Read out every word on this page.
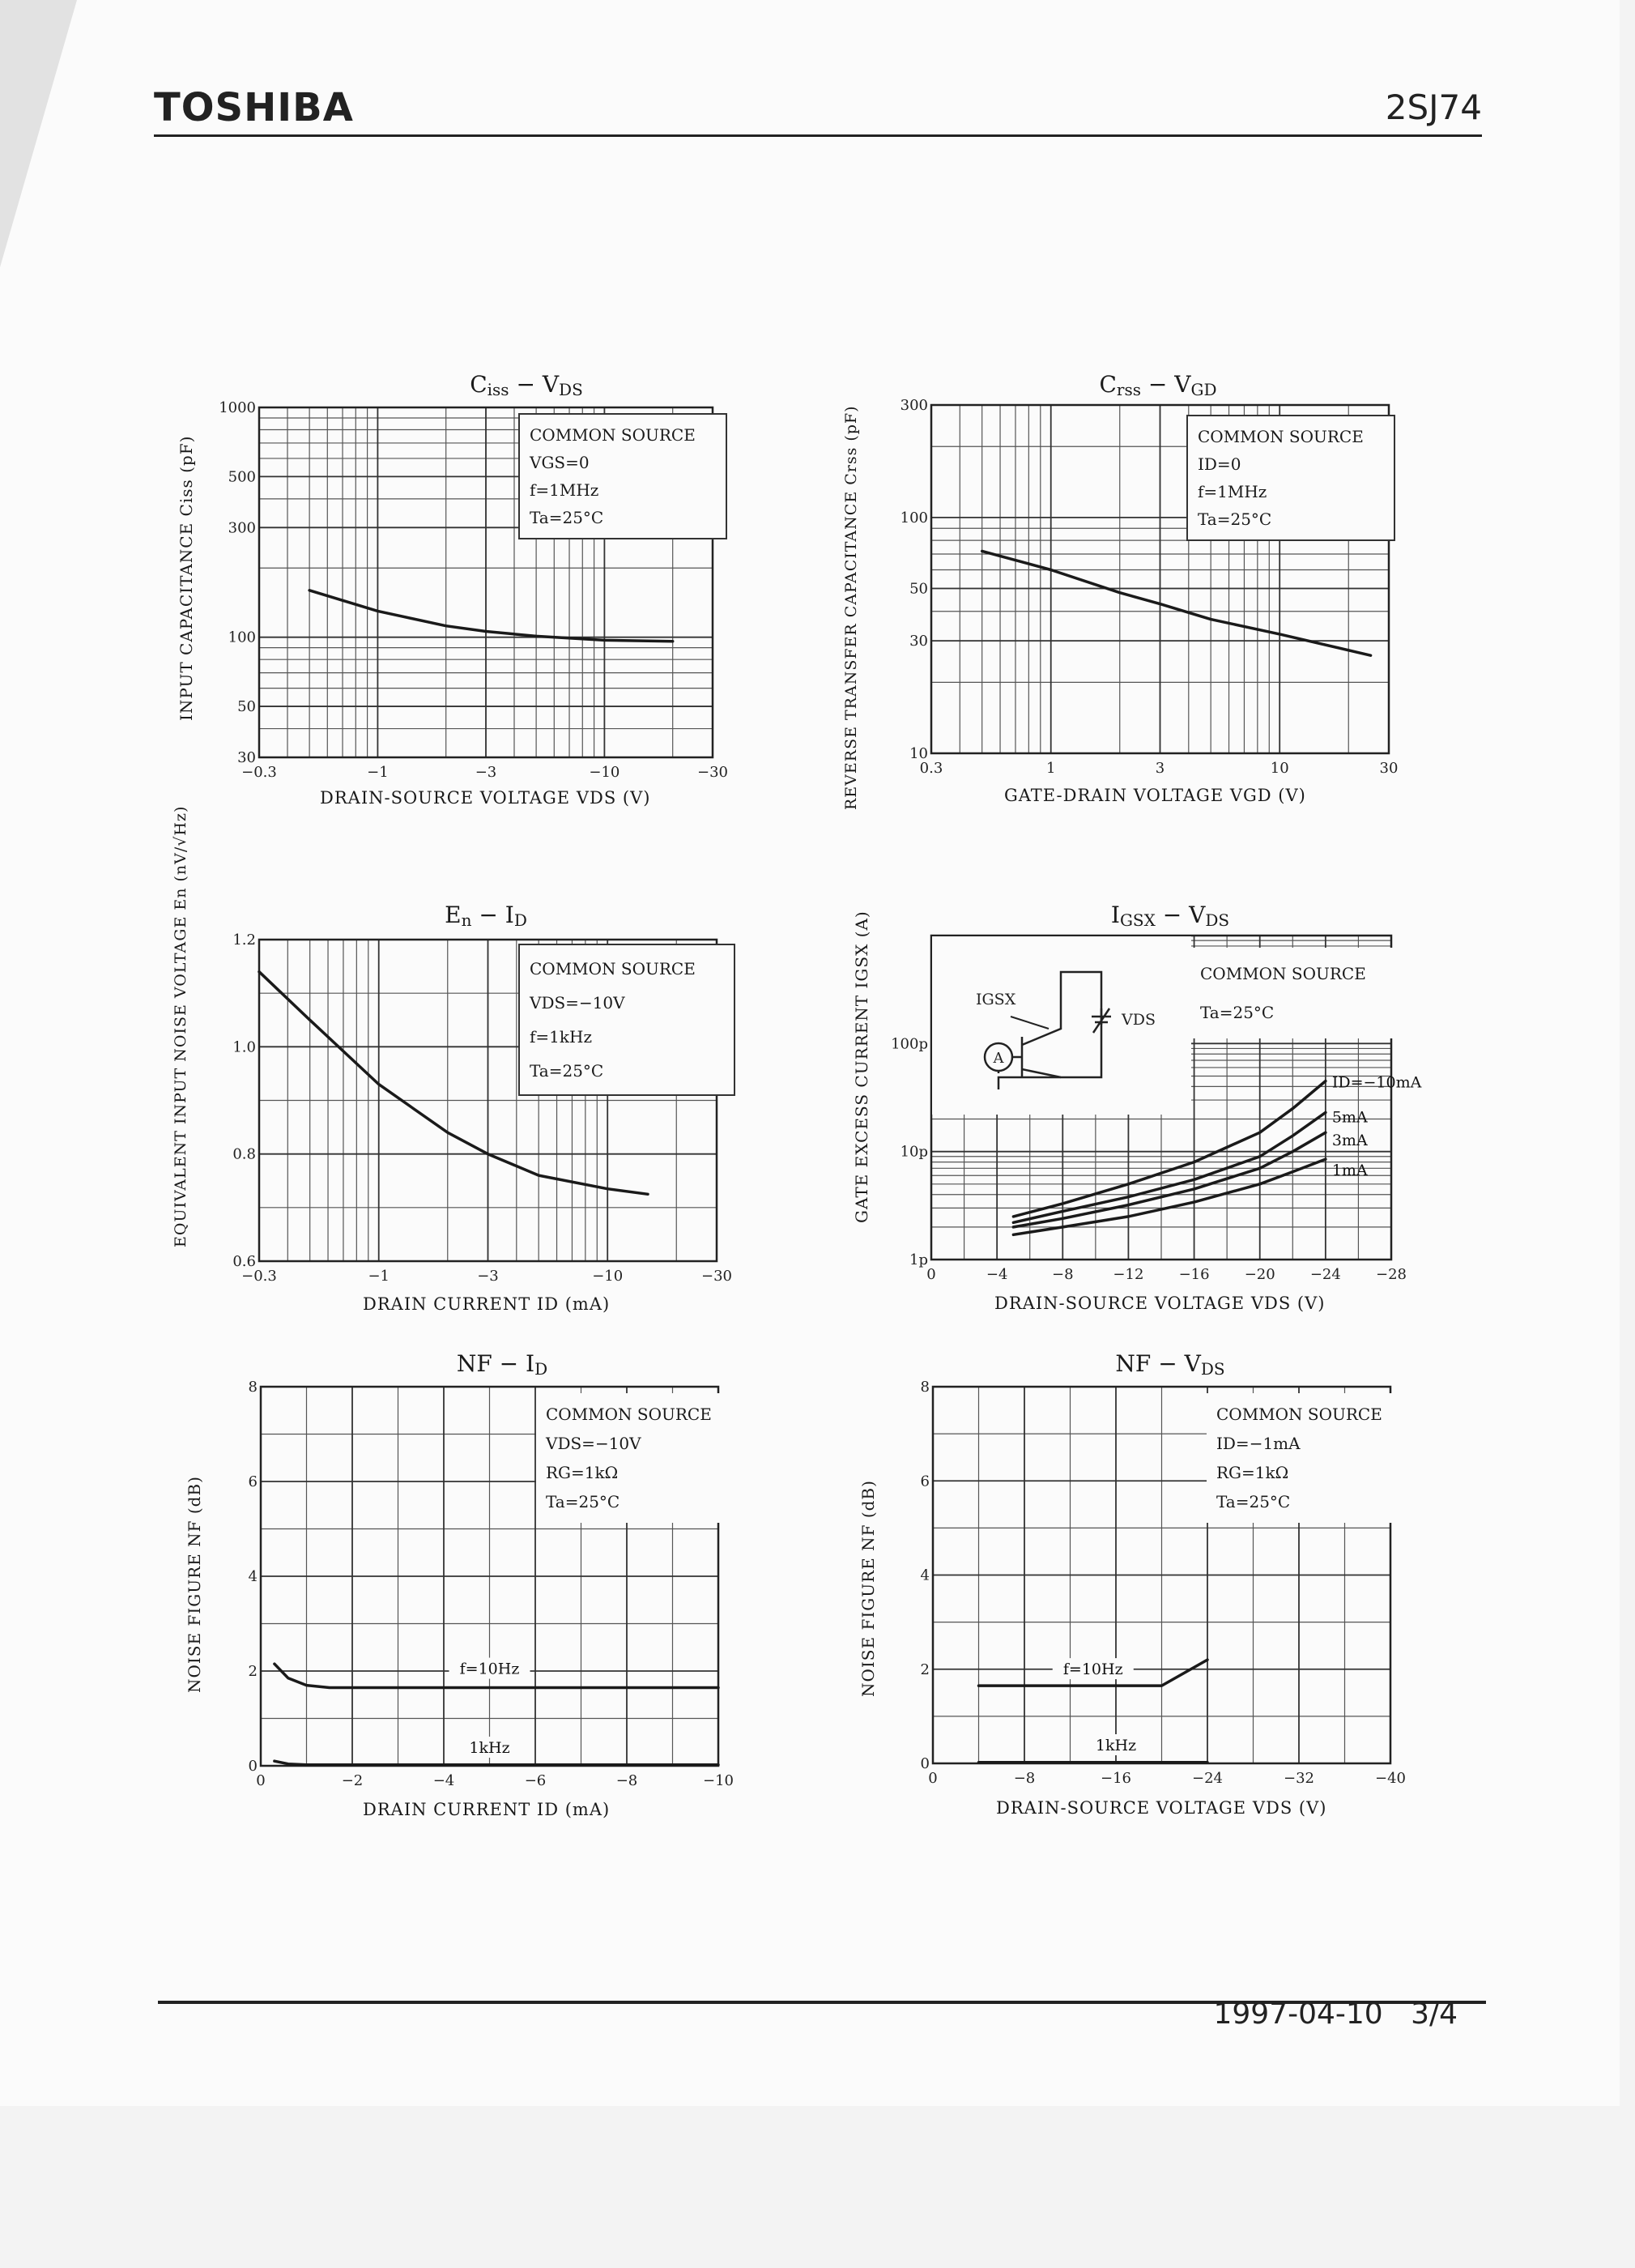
TOSHIBA	2SJ74
$C_{iss} - V_{DS}$
−0.3	−1	−3	−10	−30
30
50
100
300
500
1000
COMMON SOURCE
VGS=0
f=1MHz
Ta=25°C
DRAIN-SOURCE VOLTAGE VDS (V)
INPUT CAPACITANCE Ciss (pF)
$C_{rss} - V_{GD}$
0.3	1	3	10	30
10
30
50
100
300
COMMON SOURCE
ID=0
f=1MHz
Ta=25°C
GATE-DRAIN VOLTAGE VGD (V)
REVERSE TRANSFER CAPACITANCE Crss (pF)
$E_n - I_D$
−0.3	−1	−3	−10	−30
0.6
0.8
1.0
1.2
COMMON SOURCE
VDS=−10V
f=1kHz
Ta=25°C
DRAIN CURRENT ID (mA)
EQUIVALENT INPUT NOISE VOLTAGE En (nV/√Hz)	$I_{GSX} - V_{DS}$
0	−4	−8	−12 −16 −20 −24 −28
1p
10p
100p
ID=−10mA
5mA
3mA
1mA
A
IGSX
VDS
COMMON SOURCE
Ta=25°C
DRAIN-SOURCE VOLTAGE VDS (V)
GATE EXCESS CURRENT IGSX (A)
NF − $I_D$
0	−2	−4	−6	−8	−10
0
2
4
6
8
f=10Hz
1kHz
COMMON SOURCE
VDS=−10V
RG=1kΩ
Ta=25°C
DRAIN CURRENT ID (mA)
NOISE FIGURE NF (dB)
NF − $V_{DS}$
0	−8	−16	−24	−32	−40
0
2
4
6
8
f=10Hz
1kHz
COMMON SOURCE
ID=−1mA
RG=1kΩ
Ta=25°C
DRAIN-SOURCE VOLTAGE VDS (V)
NOISE FIGURE NF (dB)
1997-04-10 3/4
